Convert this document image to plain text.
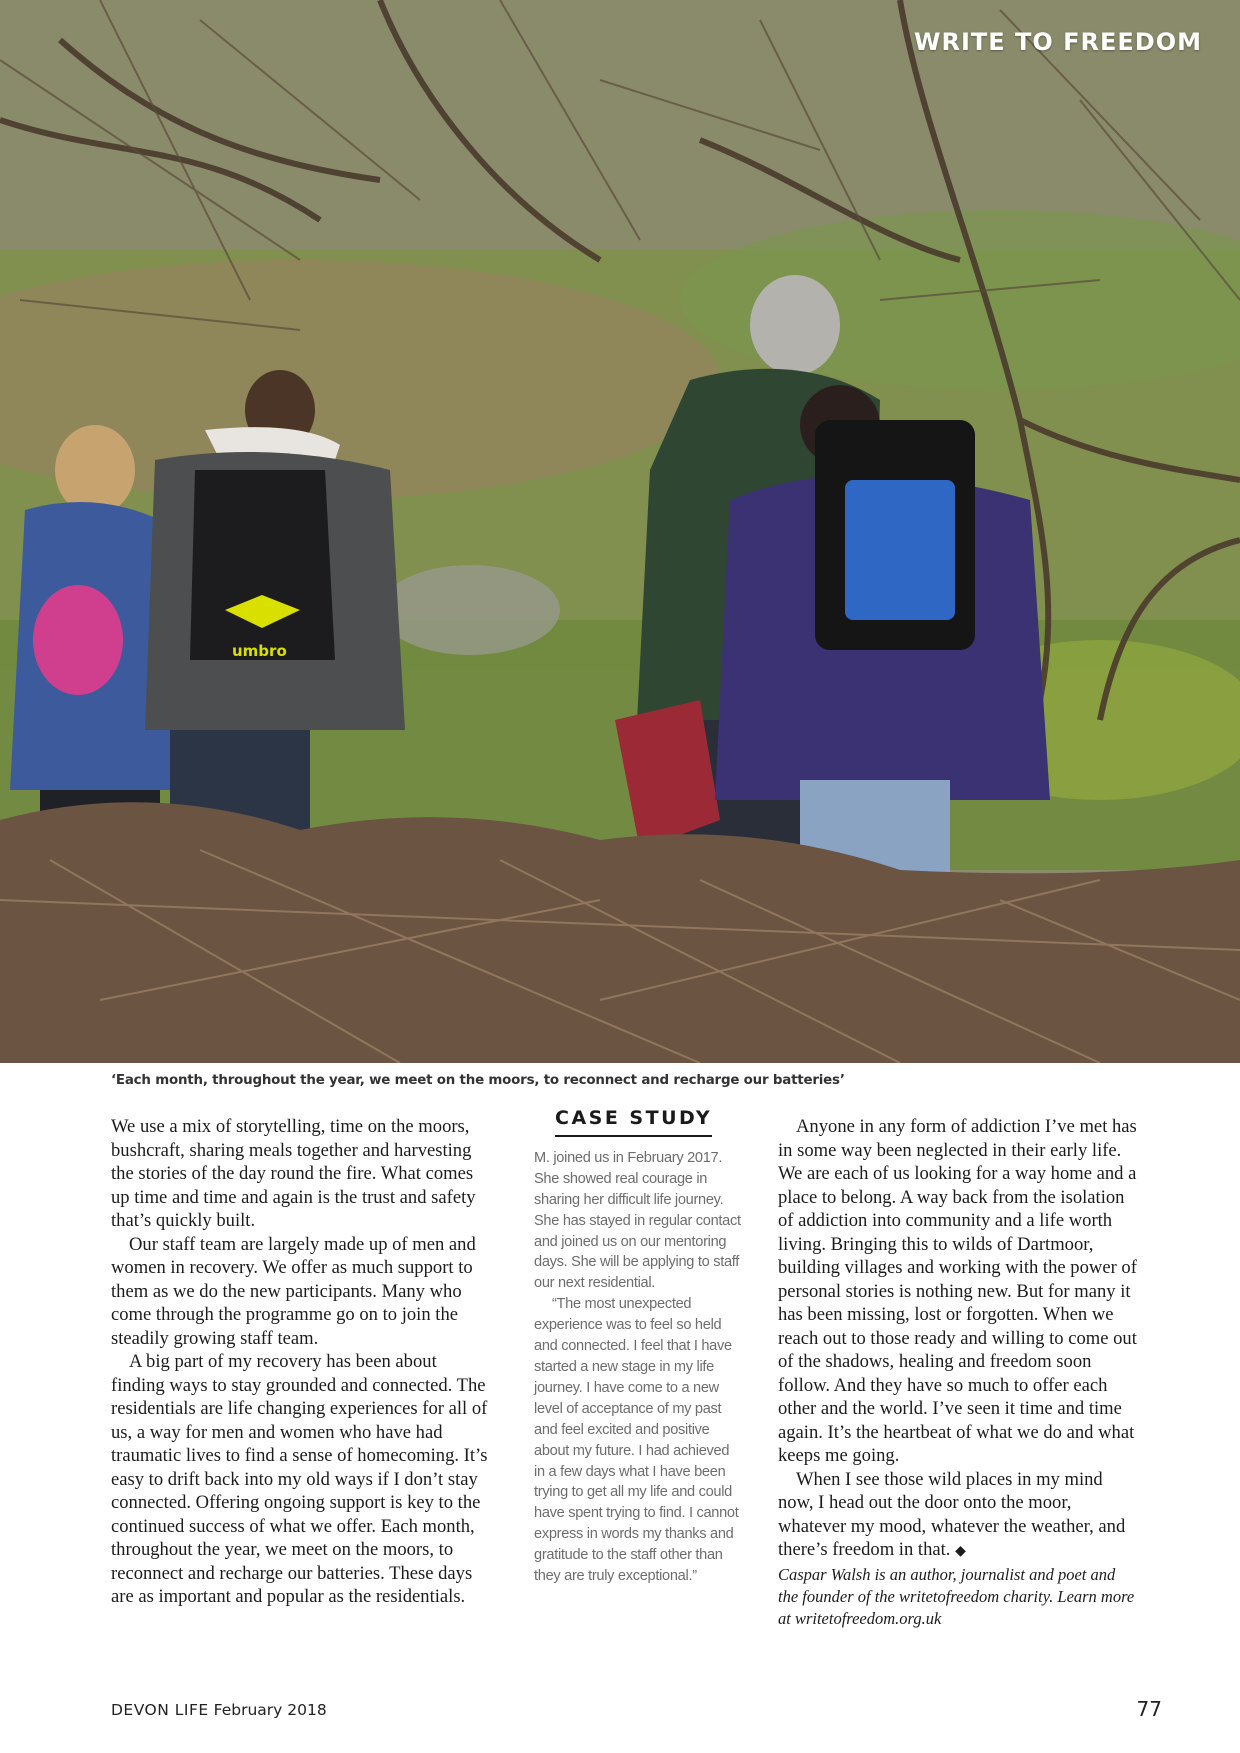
umbro
WRITE TO FREEDOM
‘Each month, throughout the year, we meet on the moors, to reconnect and recharge our batteries’

We use a mix of storytelling, time on the moors, bushcraft, sharing meals together and harvesting the stories of the day round the fire. What comes up time and time and again is the trust and safety that’s quickly built.

Our staff team are largely made up of men and women in recovery. We offer as much support to them as we do the new participants. Many who come through the programme go on to join the steadily growing staff team.

A big part of my recovery has been about finding ways to stay grounded and connected. The residentials are life changing experiences for all of us, a way for men and women who have had traumatic lives to find a sense of homecoming. It’s easy to drift back into my old ways if I don’t stay connected. Offering ongoing support is key to the continued success of what we offer. Each month, throughout the year, we meet on the moors, to reconnect and recharge our batteries. These days are as important and popular as the residentials.

CASE STUDY

M. joined us in February 2017. She showed real courage in sharing her difficult life journey. She has stayed in regular contact and joined us on our mentoring days. She will be applying to staff our next residential.

“The most unexpected experience was to feel so held and connected. I feel that I have started a new stage in my life journey. I have come to a new level of acceptance of my past and feel excited and positive about my future. I had achieved in a few days what I have been trying to get all my life and could have spent trying to find. I cannot express in words my thanks and gratitude to the staff other than they are truly exceptional.”

Anyone in any form of addiction I’ve met has in some way been neglected in their early life. We are each of us looking for a way home and a place to belong. A way back from the isolation of addiction into community and a life worth living. Bringing this to wilds of Dartmoor, building villages and working with the power of personal stories is nothing new. But for many it has been missing, lost or forgotten. When we reach out to those ready and willing to come out of the shadows, healing and freedom soon follow. And they have so much to offer each other and the world. I’ve seen it time and time again. It’s the heartbeat of what we do and what keeps me going.

When I see those wild places in my mind now, I head out the door onto the moor, whatever my mood, whatever the weather, and there’s freedom in that. ◆

Caspar Walsh is an author, journalist and poet and the founder of the writetofreedom charity. Learn more at writetofreedom.org.uk

DEVON LIFE February 2018	77
